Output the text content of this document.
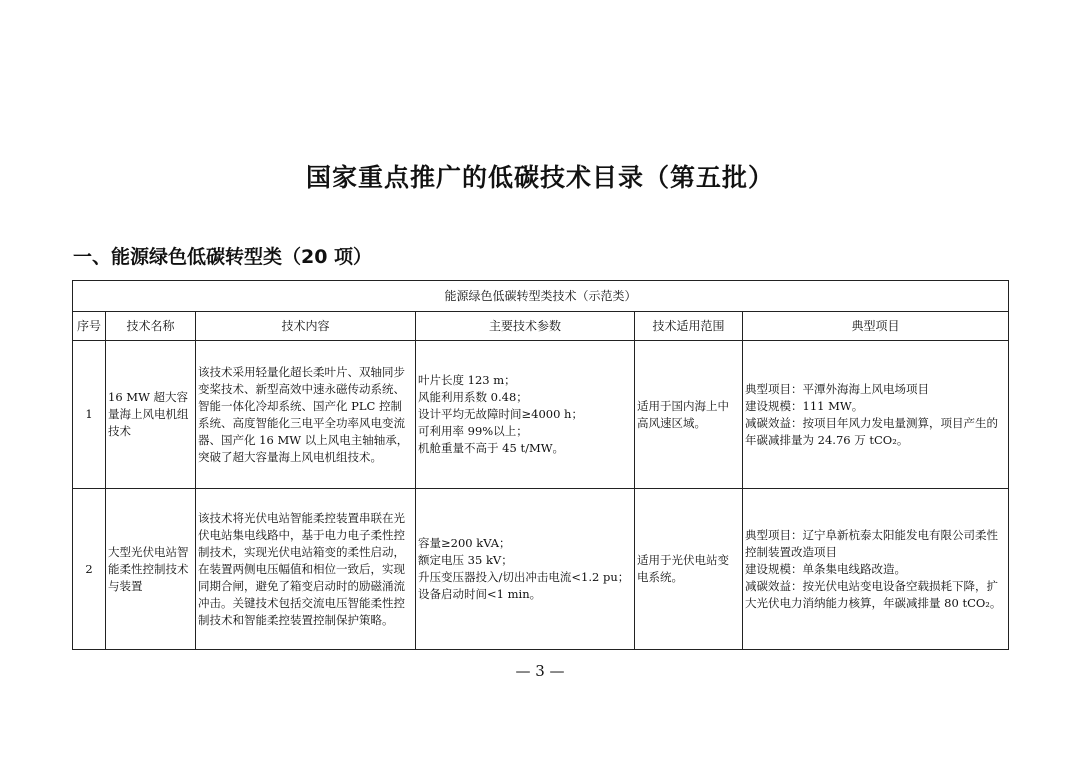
国家重点推广的低碳技术目录（第五批）
一、能源绿色低碳转型类（20 项）
能源绿色低碳转型类技术（示范类）					
序号	技术名称	技术内容	主要技术参数	技术适用范围	典型项目
1	16 MW 超大容量海上风电机组技术	该技术采用轻量化超长柔叶片、双轴同步变桨技术、新型高效中速永磁传动系统、智能一体化冷却系统、国产化 PLC 控制系统、高度智能化三电平全功率风电变流器、国产化 16 MW 以上风电主轴轴承，突破了超大容量海上风电机组技术。	叶片长度 123 m；
风能利用系数 0.48；
设计平均无故障时间≥4000 h；
可利用率 99%以上；
机舱重量不高于 45 t/MW。	适用于国内海上中高风速区域。	典型项目：平潭外海海上风电场项目
建设规模：111 MW。
减碳效益：按项目年风力发电量测算，项目产生的年碳减排量为 24.76 万 tCO₂。
2	大型光伏电站智能柔性控制技术与装置	该技术将光伏电站智能柔控装置串联在光伏电站集电线路中，基于电力电子柔性控制技术，实现光伏电站箱变的柔性启动，在装置两侧电压幅值和相位一致后，实现同期合闸，避免了箱变启动时的励磁涌流冲击。关键技术包括交流电压智能柔性控制技术和智能柔控装置控制保护策略。	容量≥200 kVA；
额定电压 35 kV；
升压变压器投入/切出冲击电流<1.2 pu；
设备启动时间<1 min。	适用于光伏电站变电系统。	典型项目：辽宁阜新杭泰太阳能发电有限公司柔性控制装置改造项目
建设规模：单条集电线路改造。
减碳效益：按光伏电站变电设备空载损耗下降，扩大光伏电力消纳能力核算，年碳减排量 80 tCO₂。
— 3 —
